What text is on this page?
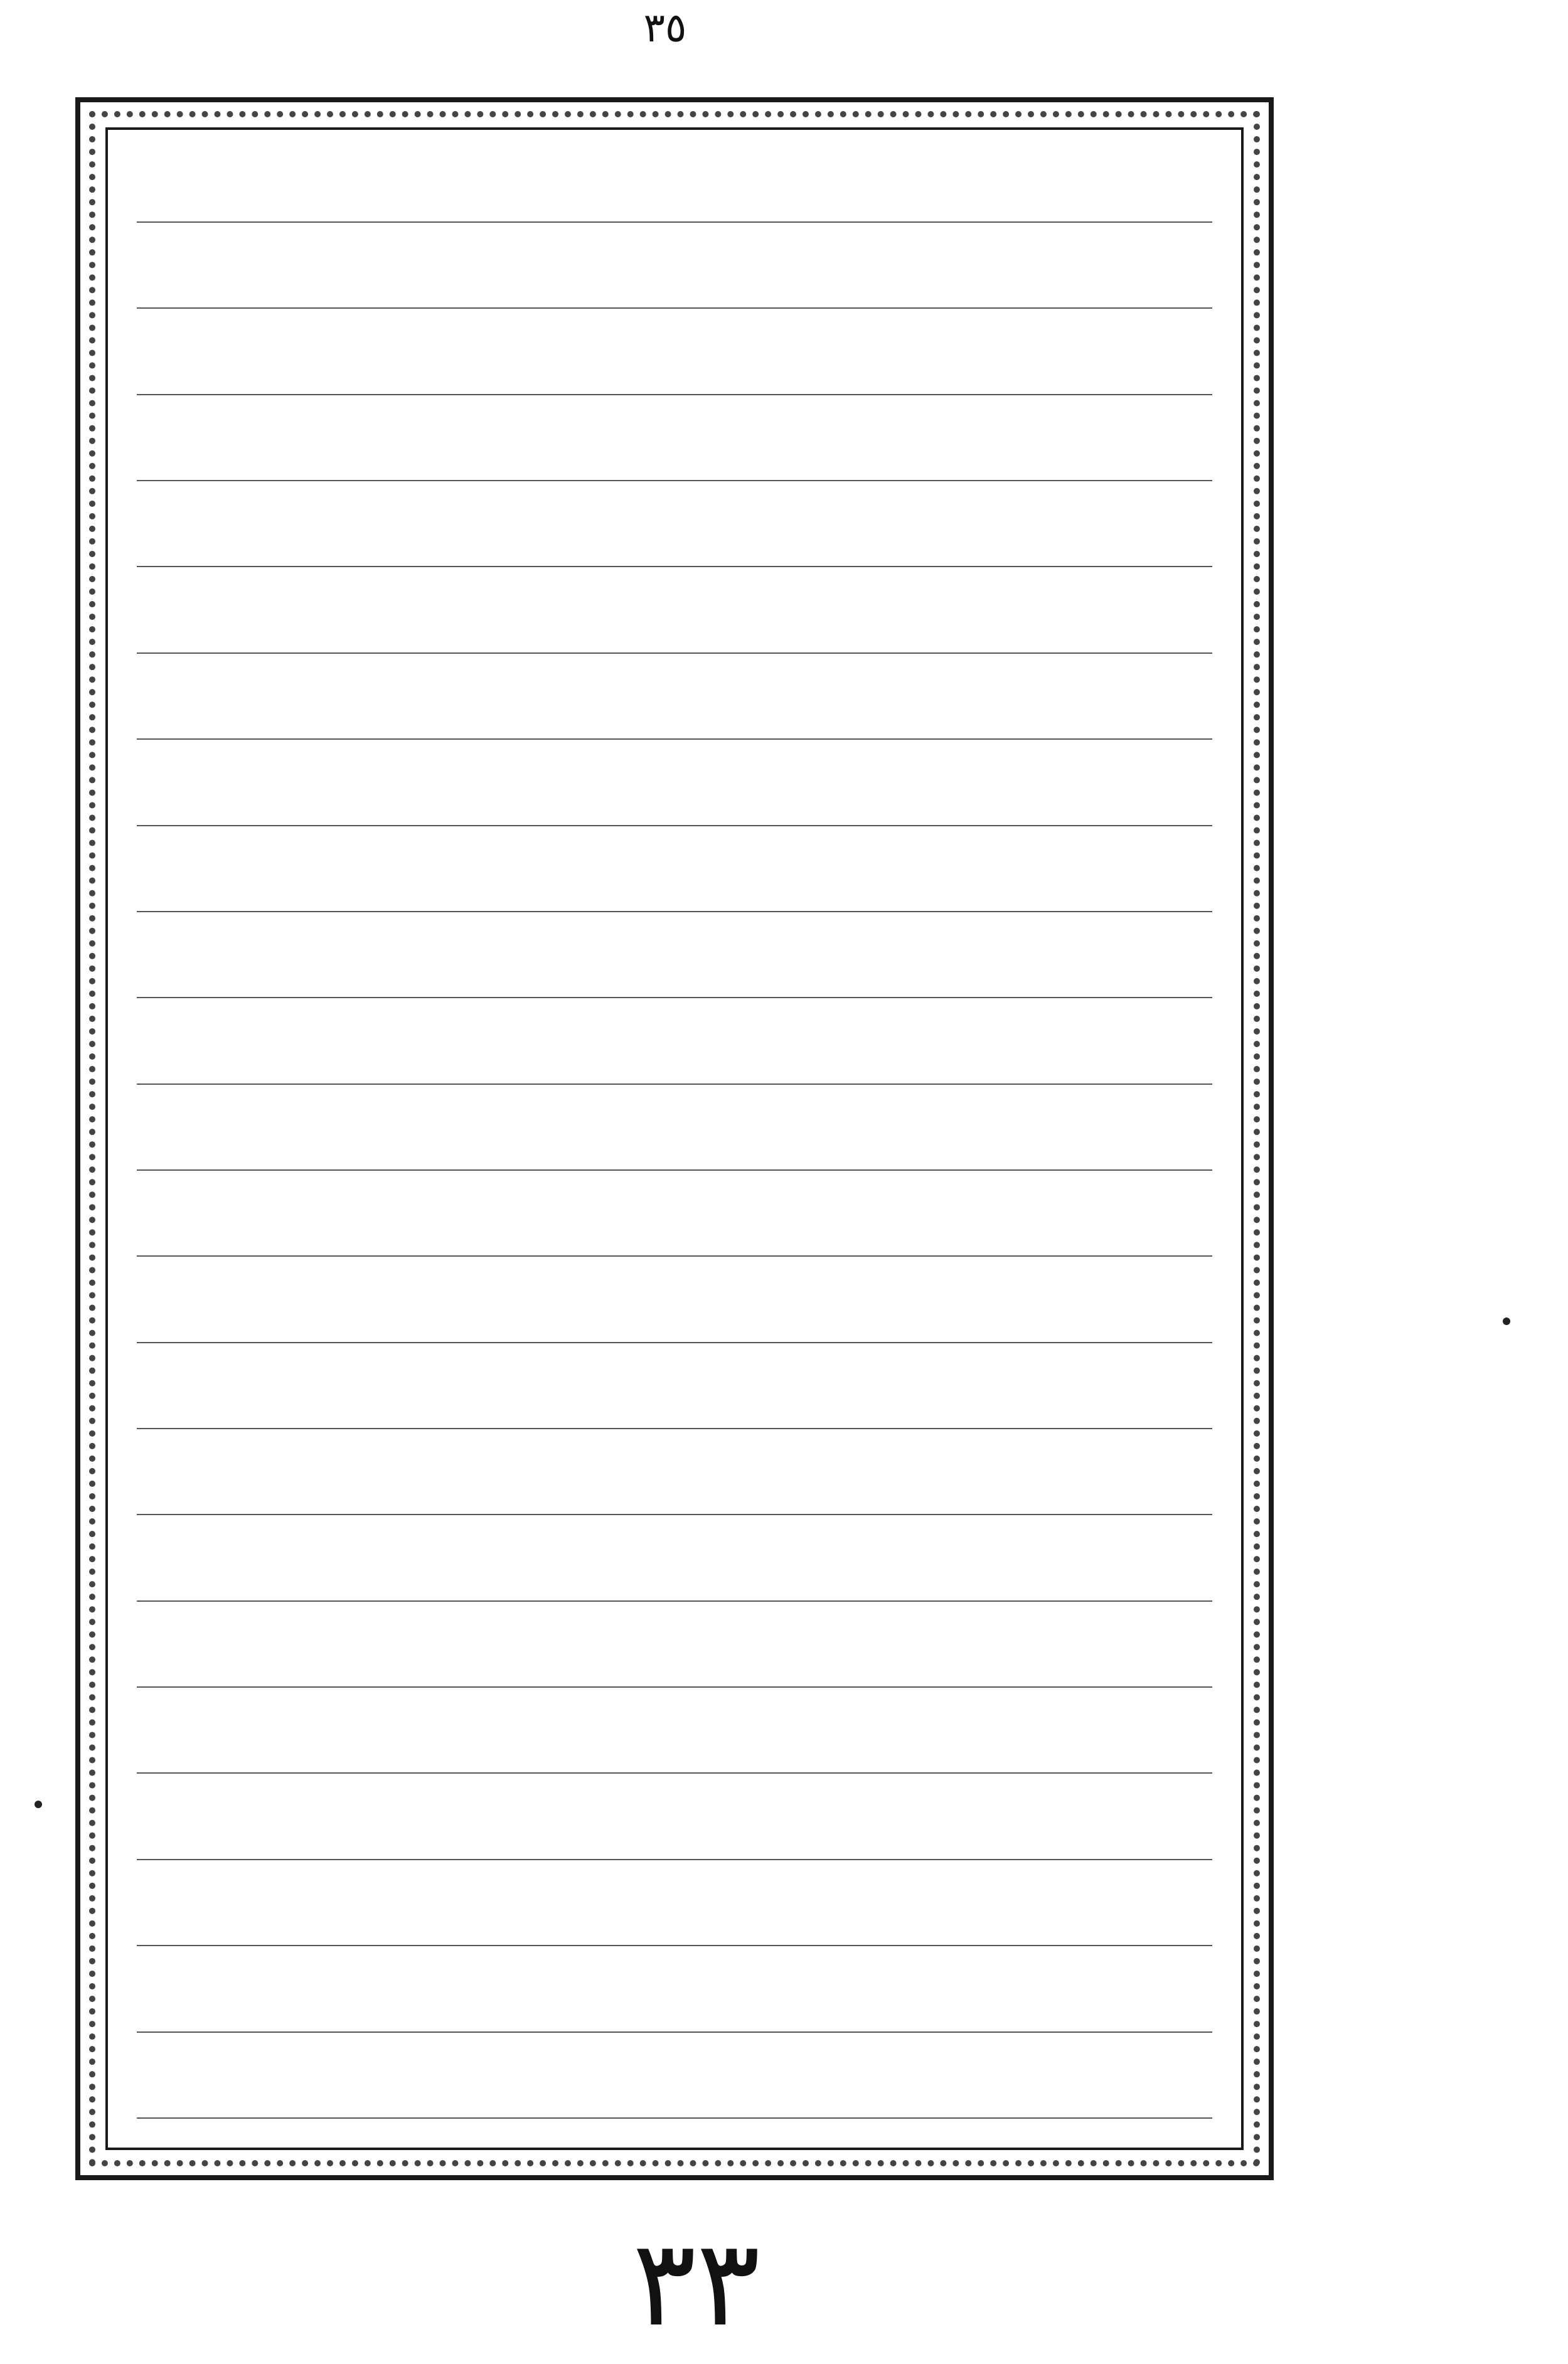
٣٥
٣٣
